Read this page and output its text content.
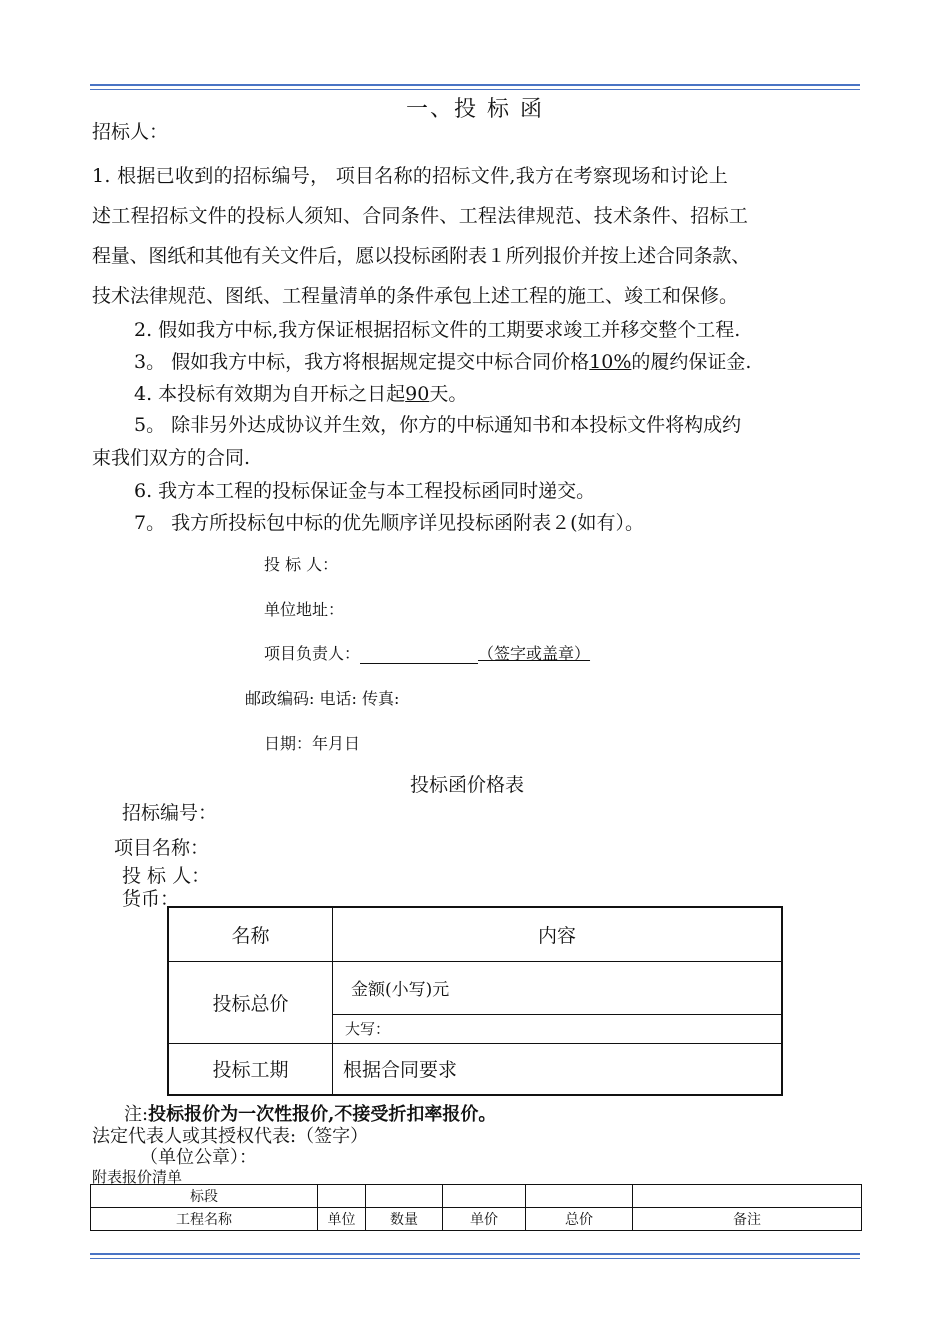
一、投 标 函
招标人：
1. 根据已收到的招标编号， 项目名称的招标文件,我方在考察现场和讨论上
述工程招标文件的投标人须知、合同条件、工程法律规范、技术条件、招标工
程量、图纸和其他有关文件后，愿以投标函附表１所列报价并按上述合同条款、
技术法律规范、图纸、工程量清单的条件承包上述工程的施工、竣工和保修。
2. 假如我方中标,我方保证根据招标文件的工期要求竣工并移交整个工程.
3。 假如我方中标，我方将根据规定提交中标合同价格10%的履约保证金.
4. 本投标有效期为自开标之日起90天。
5。 除非另外达成协议并生效，你方的中标通知书和本投标文件将构成约
束我们双方的合同.
6. 我方本工程的投标保证金与本工程投标函同时递交。
7。 我方所投标包中标的优先顺序详见投标函附表２(如有）。
投 标 人：
单位地址：
项目负责人：	（签字或盖章）
邮政编码: 电话: 传真:
日期：年月日
投标函价格表
招标编号：
项目名称：
投 标 人：
货币：
名称	内容
投标总价	金额(小写)元
	大写：
投标工期	根据合同要求
注:投标报价为一次性报价,不接受折扣率报价。
法定代表人或其授权代表:（签字）
（单位公章）：
附表报价清单
标段					
工程名称	单位	数量	单价	总价	备注
